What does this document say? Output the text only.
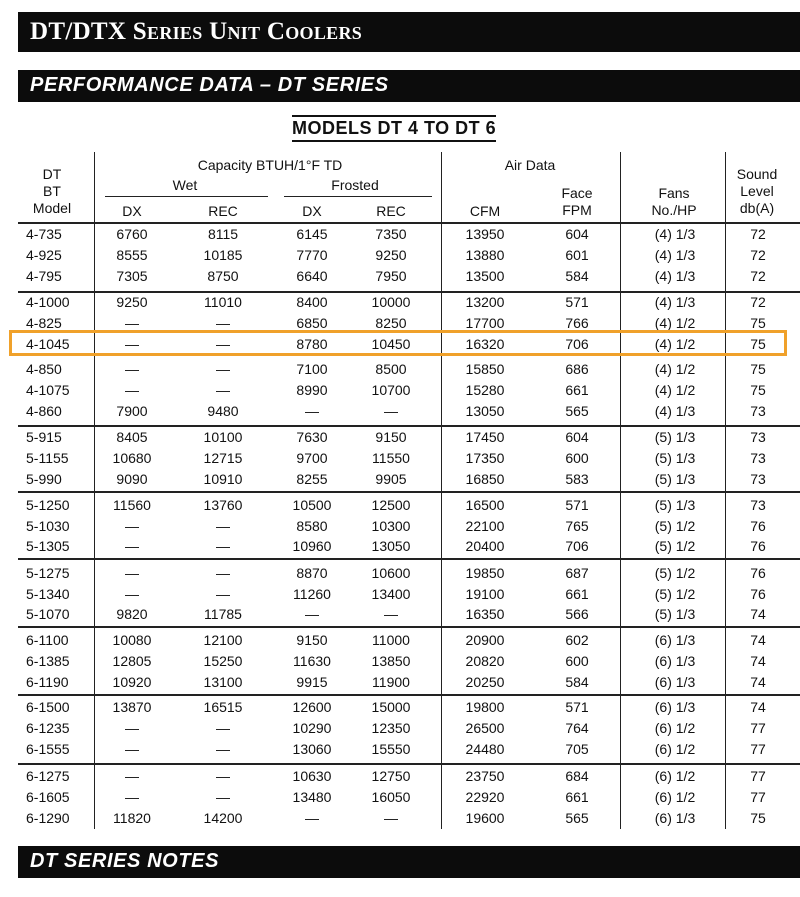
DT/DTX Series Unit Coolers
PERFORMANCE DATA – DT SERIES
MODELS DT 4 TO DT 6
DT
BT
Model
Capacity BTUH/1°F TD
Wet	Frosted
DX	REC	DX	REC
Air Data
CFM
Face
FPM
Fans
No./HP
Sound
Level
db(A)
4-735	6760	8115	6145	7350	13950	604	(4) 1/3	72
4-925	8555	10185	7770	9250	13880	601	(4) 1/3	72
4-795	7305	8750	6640	7950	13500	584	(4) 1/3	72
4-1000	9250	11010	8400	10000	13200	571	(4) 1/3	72
4-825	—	—	6850	8250	17700	766	(4) 1/2	75
4-1045	—	—	8780	10450	16320	706	(4) 1/2	75
4-850	—	—	7100	8500	15850	686	(4) 1/2	75
4-1075	—	—	8990	10700	15280	661	(4) 1/2	75
4-860	7900	9480	—	—	13050	565	(4) 1/3	73
5-915	8405	10100	7630	9150	17450	604	(5) 1/3	73
5-1155	10680	12715	9700	11550	17350	600	(5) 1/3	73
5-990	9090	10910	8255	9905	16850	583	(5) 1/3	73
5-1250	11560	13760	10500	12500	16500	571	(5) 1/3	73
5-1030	—	—	8580	10300	22100	765	(5) 1/2	76
5-1305	—	—	10960	13050	20400	706	(5) 1/2	76
5-1275	—	—	8870	10600	19850	687	(5) 1/2	76
5-1340	—	—	11260	13400	19100	661	(5) 1/2	76
5-1070	9820	11785	—	—	16350	566	(5) 1/3	74
6-1100	10080	12100	9150	11000	20900	602	(6) 1/3	74
6-1385	12805	15250	11630	13850	20820	600	(6) 1/3	74
6-1190	10920	13100	9915	11900	20250	584	(6) 1/3	74
6-1500	13870	16515	12600	15000	19800	571	(6) 1/3	74
6-1235	—	—	10290	12350	26500	764	(6) 1/2	77
6-1555	—	—	13060	15550	24480	705	(6) 1/2	77
6-1275	—	—	10630	12750	23750	684	(6) 1/2	77
6-1605	—	—	13480	16050	22920	661	(6) 1/2	77
6-1290	11820	14200	—	—	19600	565	(6) 1/3	75
DT SERIES NOTES
